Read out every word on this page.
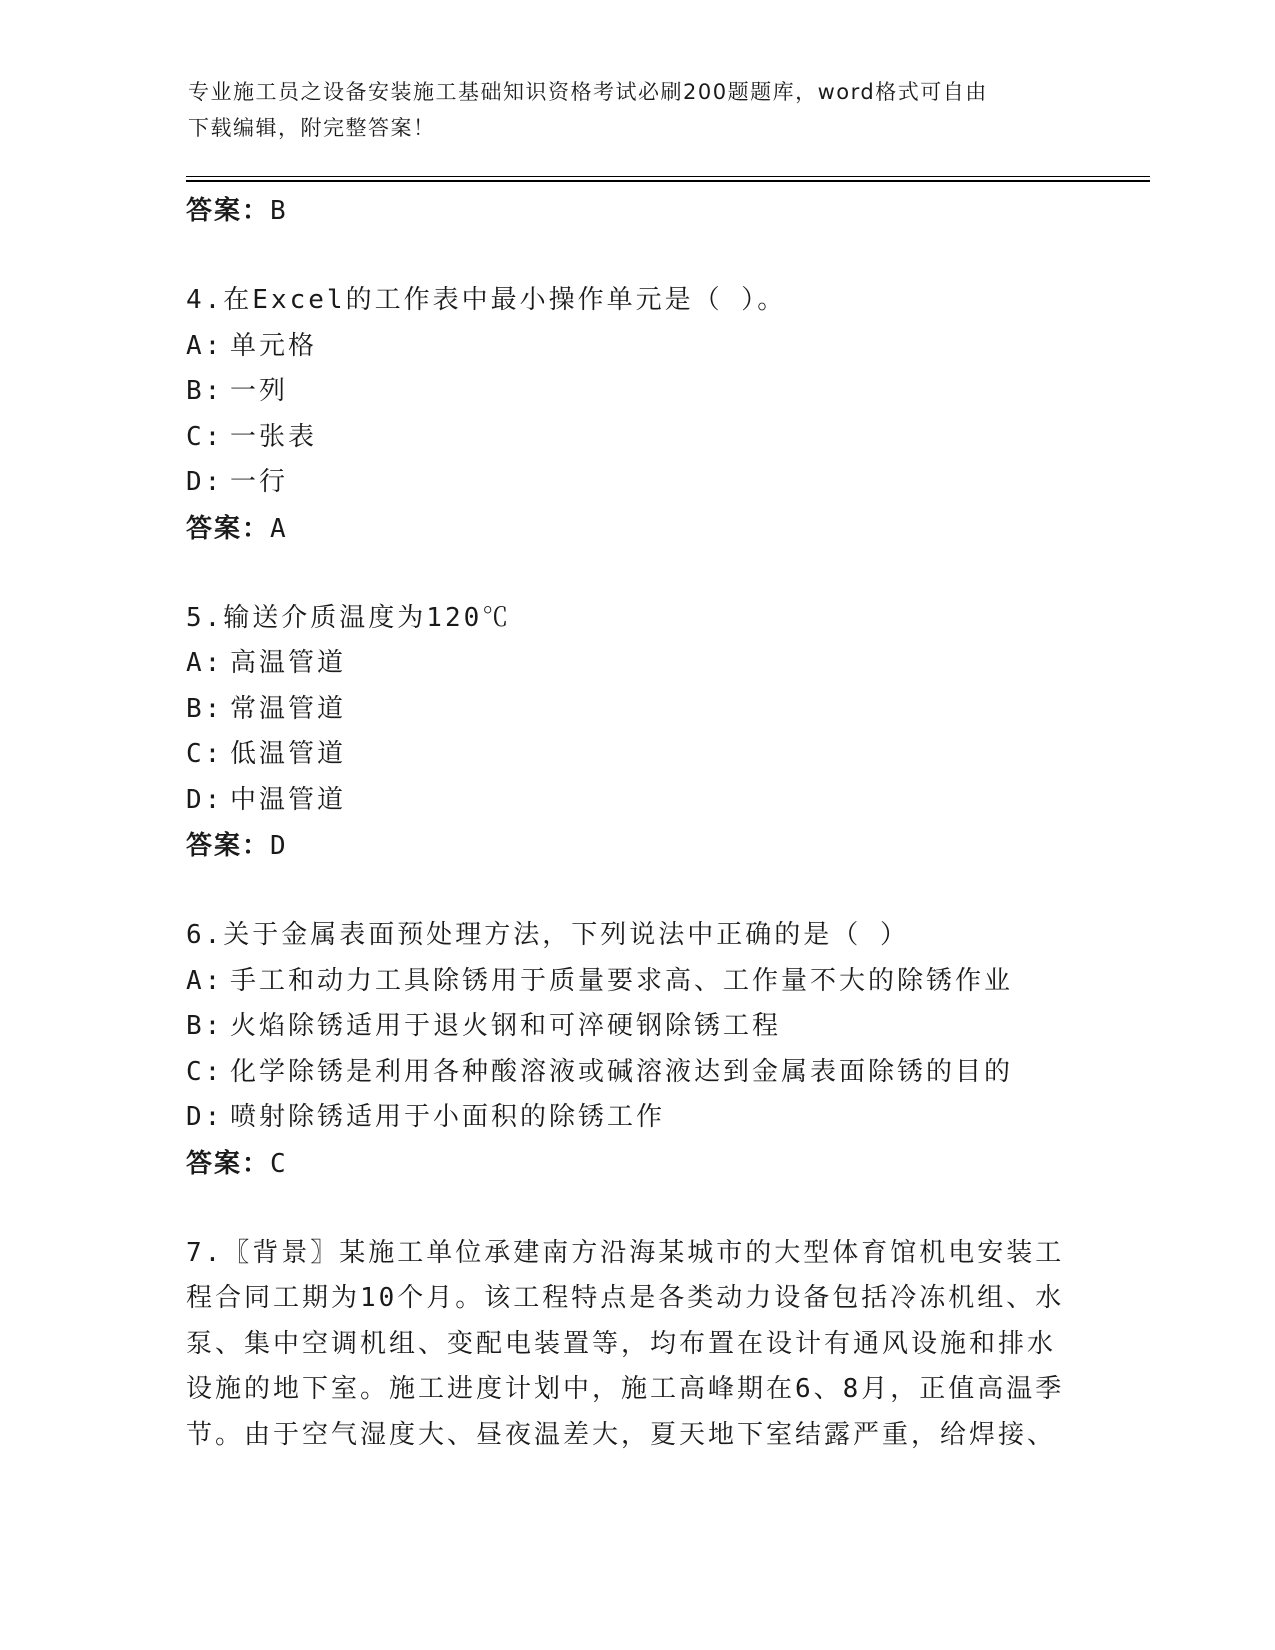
专业施工员之设备安装施工基础知识资格考试必刷200题题库，word格式可自由
下载编辑，附完整答案！
答案：B
4.在Excel的工作表中最小操作单元是（ ）。
A: 单元格
B: 一列
C: 一张表
D: 一行
答案：A
5.输送介质温度为120℃
A: 高温管道
B: 常温管道
C: 低温管道
D: 中温管道
答案：D
6.关于金属表面预处理方法，下列说法中正确的是（ ）
A: 手工和动力工具除锈用于质量要求高、工作量不大的除锈作业
B: 火焰除锈适用于退火钢和可淬硬钢除锈工程
C: 化学除锈是利用各种酸溶液或碱溶液达到金属表面除锈的目的
D: 喷射除锈适用于小面积的除锈工作
答案：C
7.〖背景〗某施工单位承建南方沿海某城市的大型体育馆机电安装工
程合同工期为10个月。该工程特点是各类动力设备包括冷冻机组、水
泵、集中空调机组、变配电装置等，均布置在设计有通风设施和排水
设施的地下室。施工进度计划中，施工高峰期在6、8月，正值高温季
节。由于空气湿度大、昼夜温差大，夏天地下室结露严重，给焊接、
